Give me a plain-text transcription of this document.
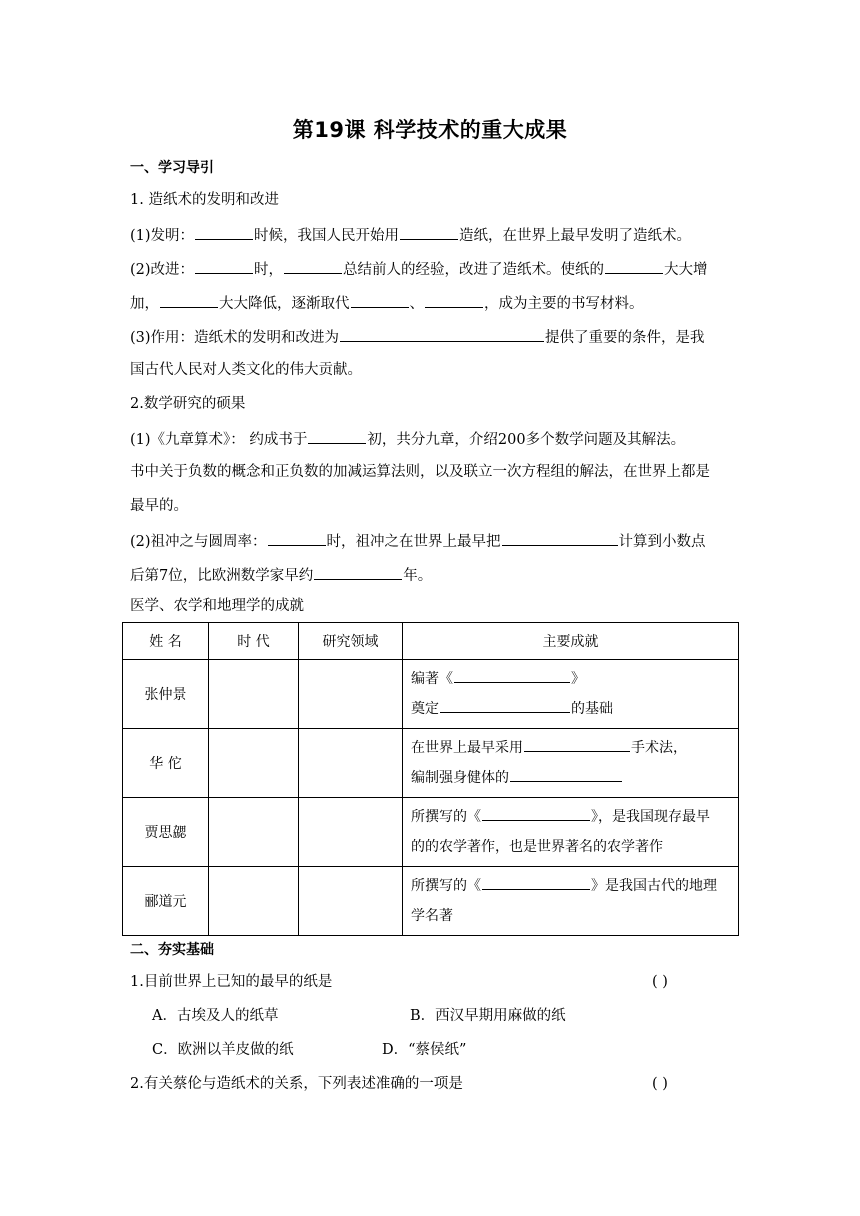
第19课 科学技术的重大成果
一、学习导引
1. 造纸术的发明和改进
(1)发明：	时候，我国人民开始用	造纸，在世界上最早发明了造纸术。
(2)改进：	时，	总结前人的经验，改进了造纸术。使纸的	大大增
加，	大大降低，逐渐取代	、	，成为主要的书写材料。
(3)作用：造纸术的发明和改进为	提供了重要的条件，是我
国古代人民对人类文化的伟大贡献。
2.数学研究的硕果
(1)《九章算术》： 约成书于	初，共分九章，介绍200多个数学问题及其解法。
书中关于负数的概念和正负数的加减运算法则，以及联立一次方程组的解法，在世界上都是
最早的。
(2)祖冲之与圆周率：	时，祖冲之在世界上最早把	计算到小数点
后第7位，比欧洲数学家早约	年。
医学、农学和地理学的成就
姓 名	时 代	研究领域	主要成就
张仲景			编著《 》
奠定 的基础

华 佗			在世界上最早采用 手术法，
编制强身健体的

贾思勰			所撰写的《 》，是我国现存最早
的的农学著作，也是世界著名的农学著作

郦道元			所撰写的《 》是我国古代的地理
学名著
二、夯实基础
1.目前世界上已知的最早的纸是	( )
A．古埃及人的纸草	B．西汉早期用麻做的纸
C．欧洲以羊皮做的纸	D．“蔡侯纸”
2.有关蔡伦与造纸术的关系，下列表述准确的一项是	( )
